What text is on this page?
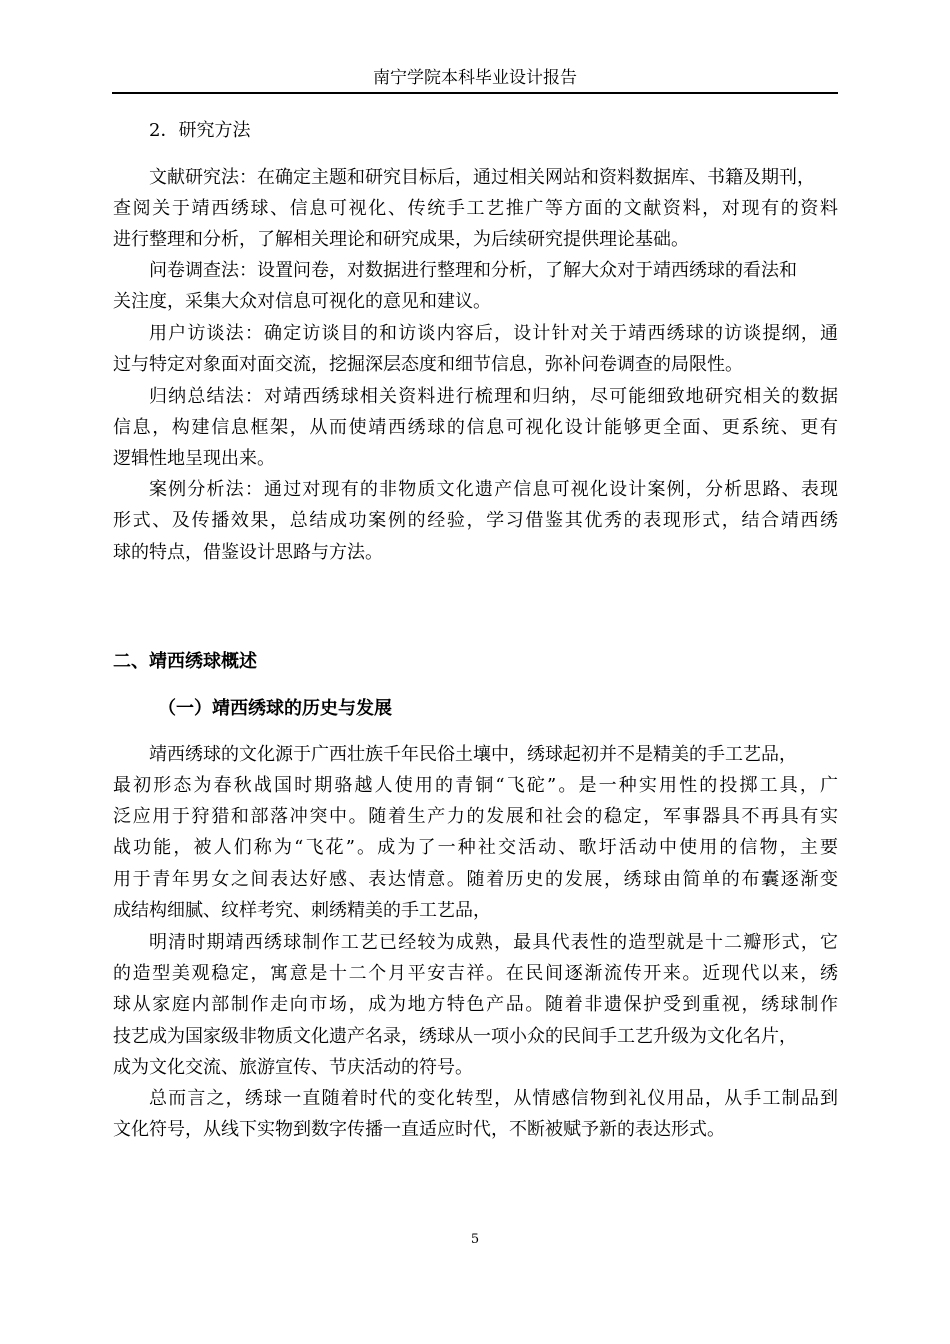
南宁学院本科毕业设计报告
2．研究方法
文献研究法：在确定主题和研究目标后，通过相关网站和资料数据库、书籍及期刊，
查阅关于靖西绣球、信息可视化、传统手工艺推广等方面的文献资料，对现有的资料
进行整理和分析，了解相关理论和研究成果，为后续研究提供理论基础。
问卷调查法：设置问卷，对数据进行整理和分析，了解大众对于靖西绣球的看法和
关注度，采集大众对信息可视化的意见和建议。
用户访谈法：确定访谈目的和访谈内容后，设计针对关于靖西绣球的访谈提纲，通
过与特定对象面对面交流，挖掘深层态度和细节信息，弥补问卷调查的局限性。
归纳总结法：对靖西绣球相关资料进行梳理和归纳，尽可能细致地研究相关的数据
信息，构建信息框架，从而使靖西绣球的信息可视化设计能够更全面、更系统、更有
逻辑性地呈现出来。
案例分析法：通过对现有的非物质文化遗产信息可视化设计案例，分析思路、表现
形式、及传播效果，总结成功案例的经验，学习借鉴其优秀的表现形式，结合靖西绣
球的特点，借鉴设计思路与方法。
二、靖西绣球概述
（一）靖西绣球的历史与发展
靖西绣球的文化源于广西壮族千年民俗土壤中，绣球起初并不是精美的手工艺品，
最初形态为春秋战国时期骆越人使用的青铜“飞砣”。是一种实用性的投掷工具，广
泛应用于狩猎和部落冲突中。随着生产力的发展和社会的稳定，军事器具不再具有实
战功能，被人们称为“飞花”。成为了一种社交活动、歌圩活动中使用的信物，主要
用于青年男女之间表达好感、表达情意。随着历史的发展，绣球由简单的布囊逐渐变
成结构细腻、纹样考究、刺绣精美的手工艺品，
明清时期靖西绣球制作工艺已经较为成熟，最具代表性的造型就是十二瓣形式，它
的造型美观稳定，寓意是十二个月平安吉祥。在民间逐渐流传开来。近现代以来，绣
球从家庭内部制作走向市场，成为地方特色产品。随着非遗保护受到重视，绣球制作
技艺成为国家级非物质文化遗产名录，绣球从一项小众的民间手工艺升级为文化名片，
成为文化交流、旅游宣传、节庆活动的符号。
总而言之，绣球一直随着时代的变化转型，从情感信物到礼仪用品，从手工制品到
文化符号，从线下实物到数字传播一直适应时代，不断被赋予新的表达形式。
5
